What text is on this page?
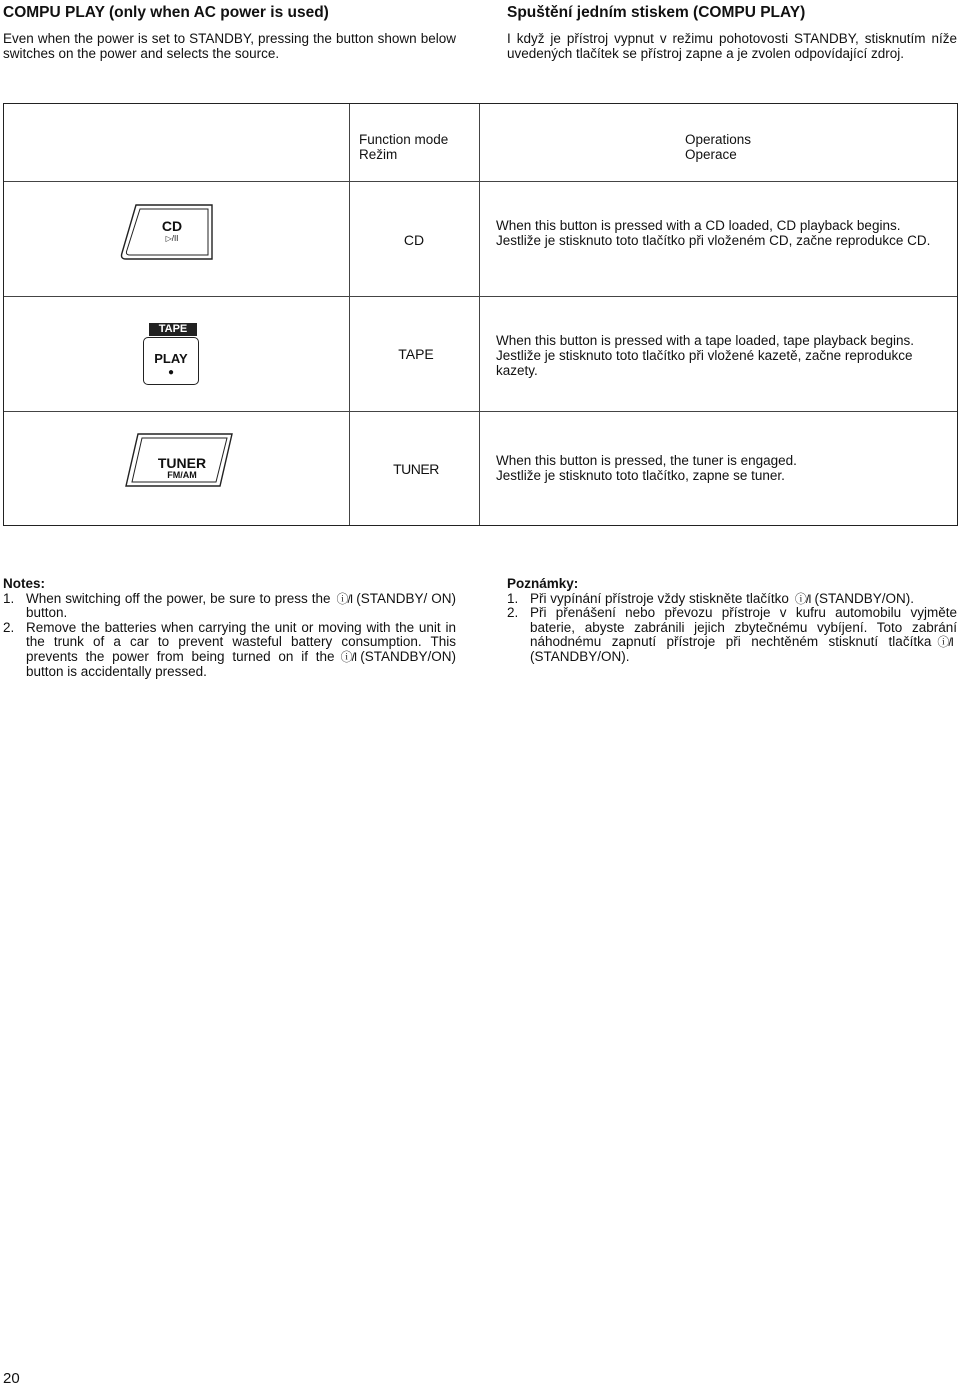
COMPU PLAY (only when AC power is used)

Even when the power is set to STANDBY, pressing the button shown below switches on the power and selects the source.

Spuštění jedním stiskem (COMPU PLAY)

I když je přístroj vypnut v režimu pohotovosti STANDBY, stisknutím níže uvedených tlačítek se přístroj zapne a je zvolen odpovídající zdroj.

Function mode
Režim
Operations
Operace
CD
▷/II	CD
When this button is pressed with a CD loaded, CD playback begins.
Jestliže je stisknuto toto tlačítko při vloženém CD, začne reprodukce CD.
TAPE
PLAY
●
TAPE
When this button is pressed with a tape loaded, tape playback begins.
Jestliže je stisknuto toto tlačítko při vložené kazetě, začne reprodukce kazety.
TUNER
FM/AM	TUNER
When this button is pressed, the tuner is engaged.
Jestliže je stisknuto toto tlačítko, zapne se tuner.
Notes:
1. When switching off the power, be sure to press the ⓘ/I (STANDBY/ ON) button.
2. Remove the batteries when carrying the unit or moving with the unit in the trunk of a car to prevent wasteful battery consumption. This prevents the power from being turned on if the ⓘ/I (STANDBY/ON) button is accidentally pressed.
Poznámky:
1. Při vypínání přístroje vždy stiskněte tlačítko ⓘ/I (STANDBY/ON).
2. Při přenášení nebo převozu přístroje v kufru automobilu vyjměte baterie, abyste zabránili jejich zbytečnému vybíjení. Toto zabrání náhodnému zapnutí přístroje při nechtěném stisknutí tlačítka ⓘ/I(STANDBY/ON).
20
